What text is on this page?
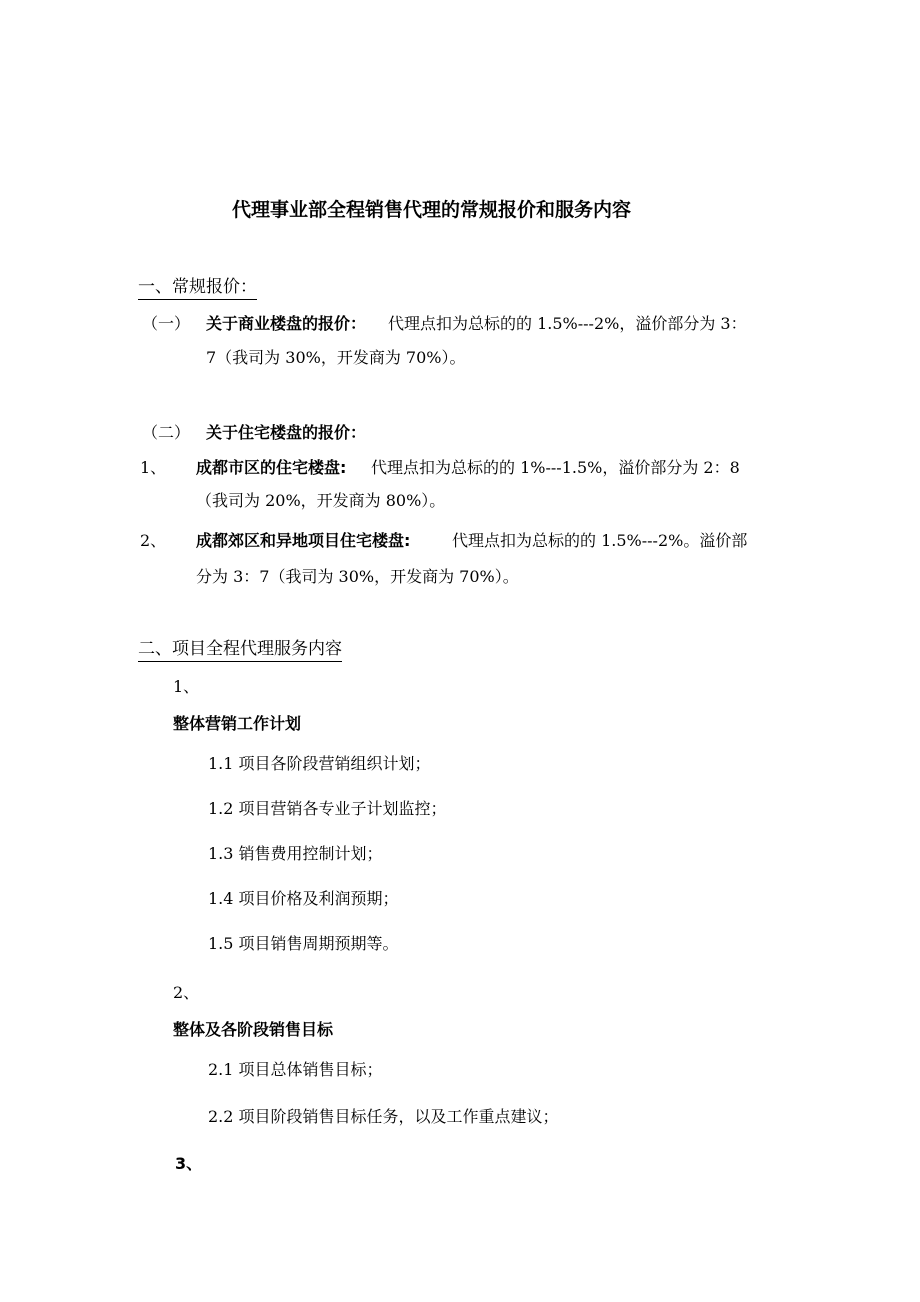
代理事业部全程销售代理的常规报价和服务内容
一、常规报价：
（一） 关于商业楼盘的报价： 代理点扣为总标的的 1.5%---2%，溢价部分为 3：
7（我司为 30%，开发商为 70%）。
（二） 关于住宅楼盘的报价：
1、 成都市区的住宅楼盘: 代理点扣为总标的的 1%---1.5%，溢价部分为 2：8
（我司为 20%，开发商为 80%）。
2、 成都郊区和异地项目住宅楼盘:	代理点扣为总标的的 1.5%---2%。溢价部
分为 3：7（我司为 30%，开发商为 70%）。
二、项目全程代理服务内容
1、
整体营销工作计划
1.1 项目各阶段营销组织计划；
1.2 项目营销各专业子计划监控；
1.3 销售费用控制计划；
1.4 项目价格及利润预期；
1.5 项目销售周期预期等。
2、
整体及各阶段销售目标
2.1 项目总体销售目标；
2.2 项目阶段销售目标任务，以及工作重点建议；
3、
